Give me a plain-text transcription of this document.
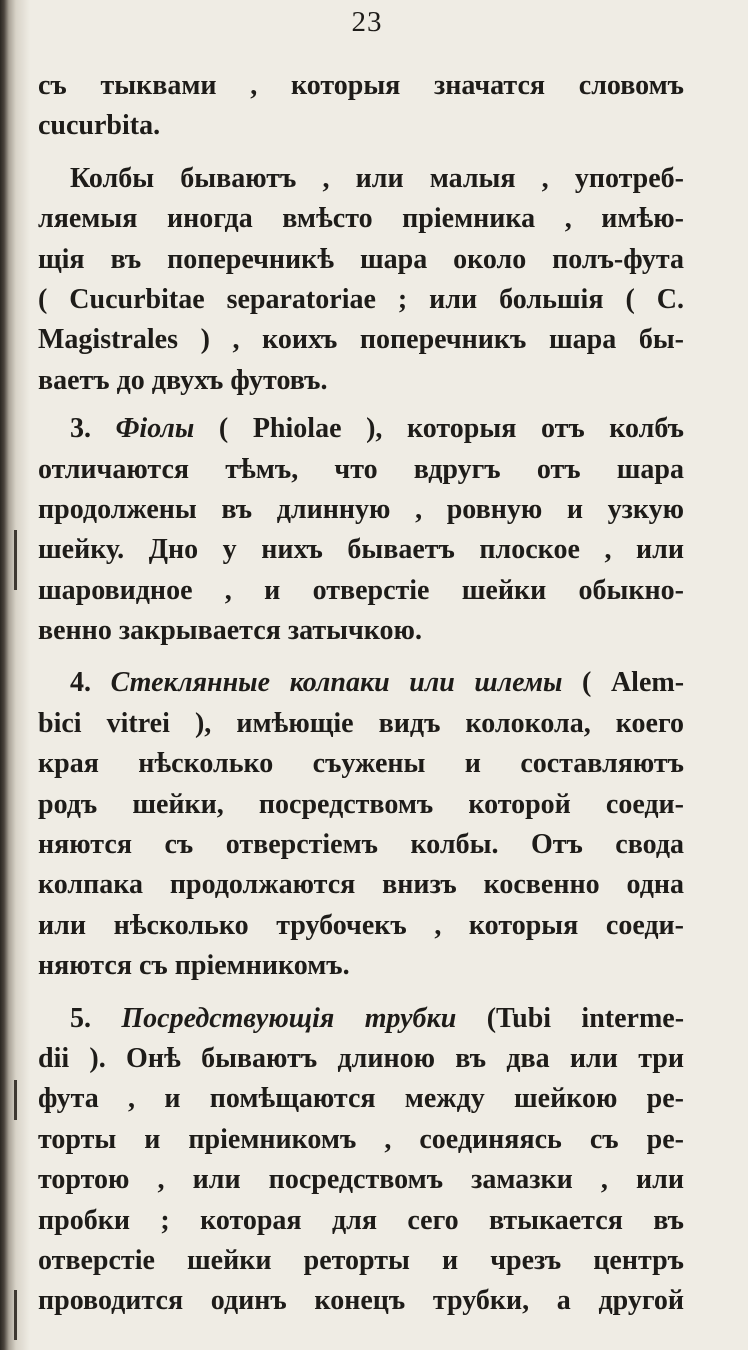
23
съ тыквами , которыя значатся словомъ
cucurbita.
Колбы бываютъ , или малыя , употреб-
ляемыя иногда вмѣсто пріемника , имѣю-
щія въ поперечникѣ шара около полъ-фута
( Cucurbitae separatoriae ; или большія ( C.
Magistrales ) , коихъ поперечникъ шара бы-
ваетъ до двухъ футовъ.
3. Фіолы ( Phiolae ), которыя отъ колбъ
отличаются тѣмъ, что вдругъ отъ шара
продолжены въ длинную , ровную и узкую
шейку. Дно у нихъ бываетъ плоское , или
шаровидное , и отверстіе шейки обыкно-
венно закрывается затычкою.
4. Стеклянные колпаки или шлемы ( Alem-
bici vitrei ), имѣющіе видъ колокола, коего
края нѣсколько съужены и составляютъ
родъ шейки, посредствомъ которой соеди-
няются съ отверстіемъ колбы. Отъ свода
колпака продолжаются внизъ косвенно одна
или нѣсколько трубочекъ , которыя соеди-
няются съ пріемникомъ.
5. Посредствующія трубки (Tubi interme-
dii ). Онѣ бываютъ длиною въ два или три
фута , и помѣщаются между шейкою ре-
торты и пріемникомъ , соединяясь съ ре-
тортою , или посредствомъ замазки , или
пробки ; которая для сего втыкается въ
отверстіе шейки реторты и чрезъ центръ
проводится одинъ конецъ трубки, а другой
